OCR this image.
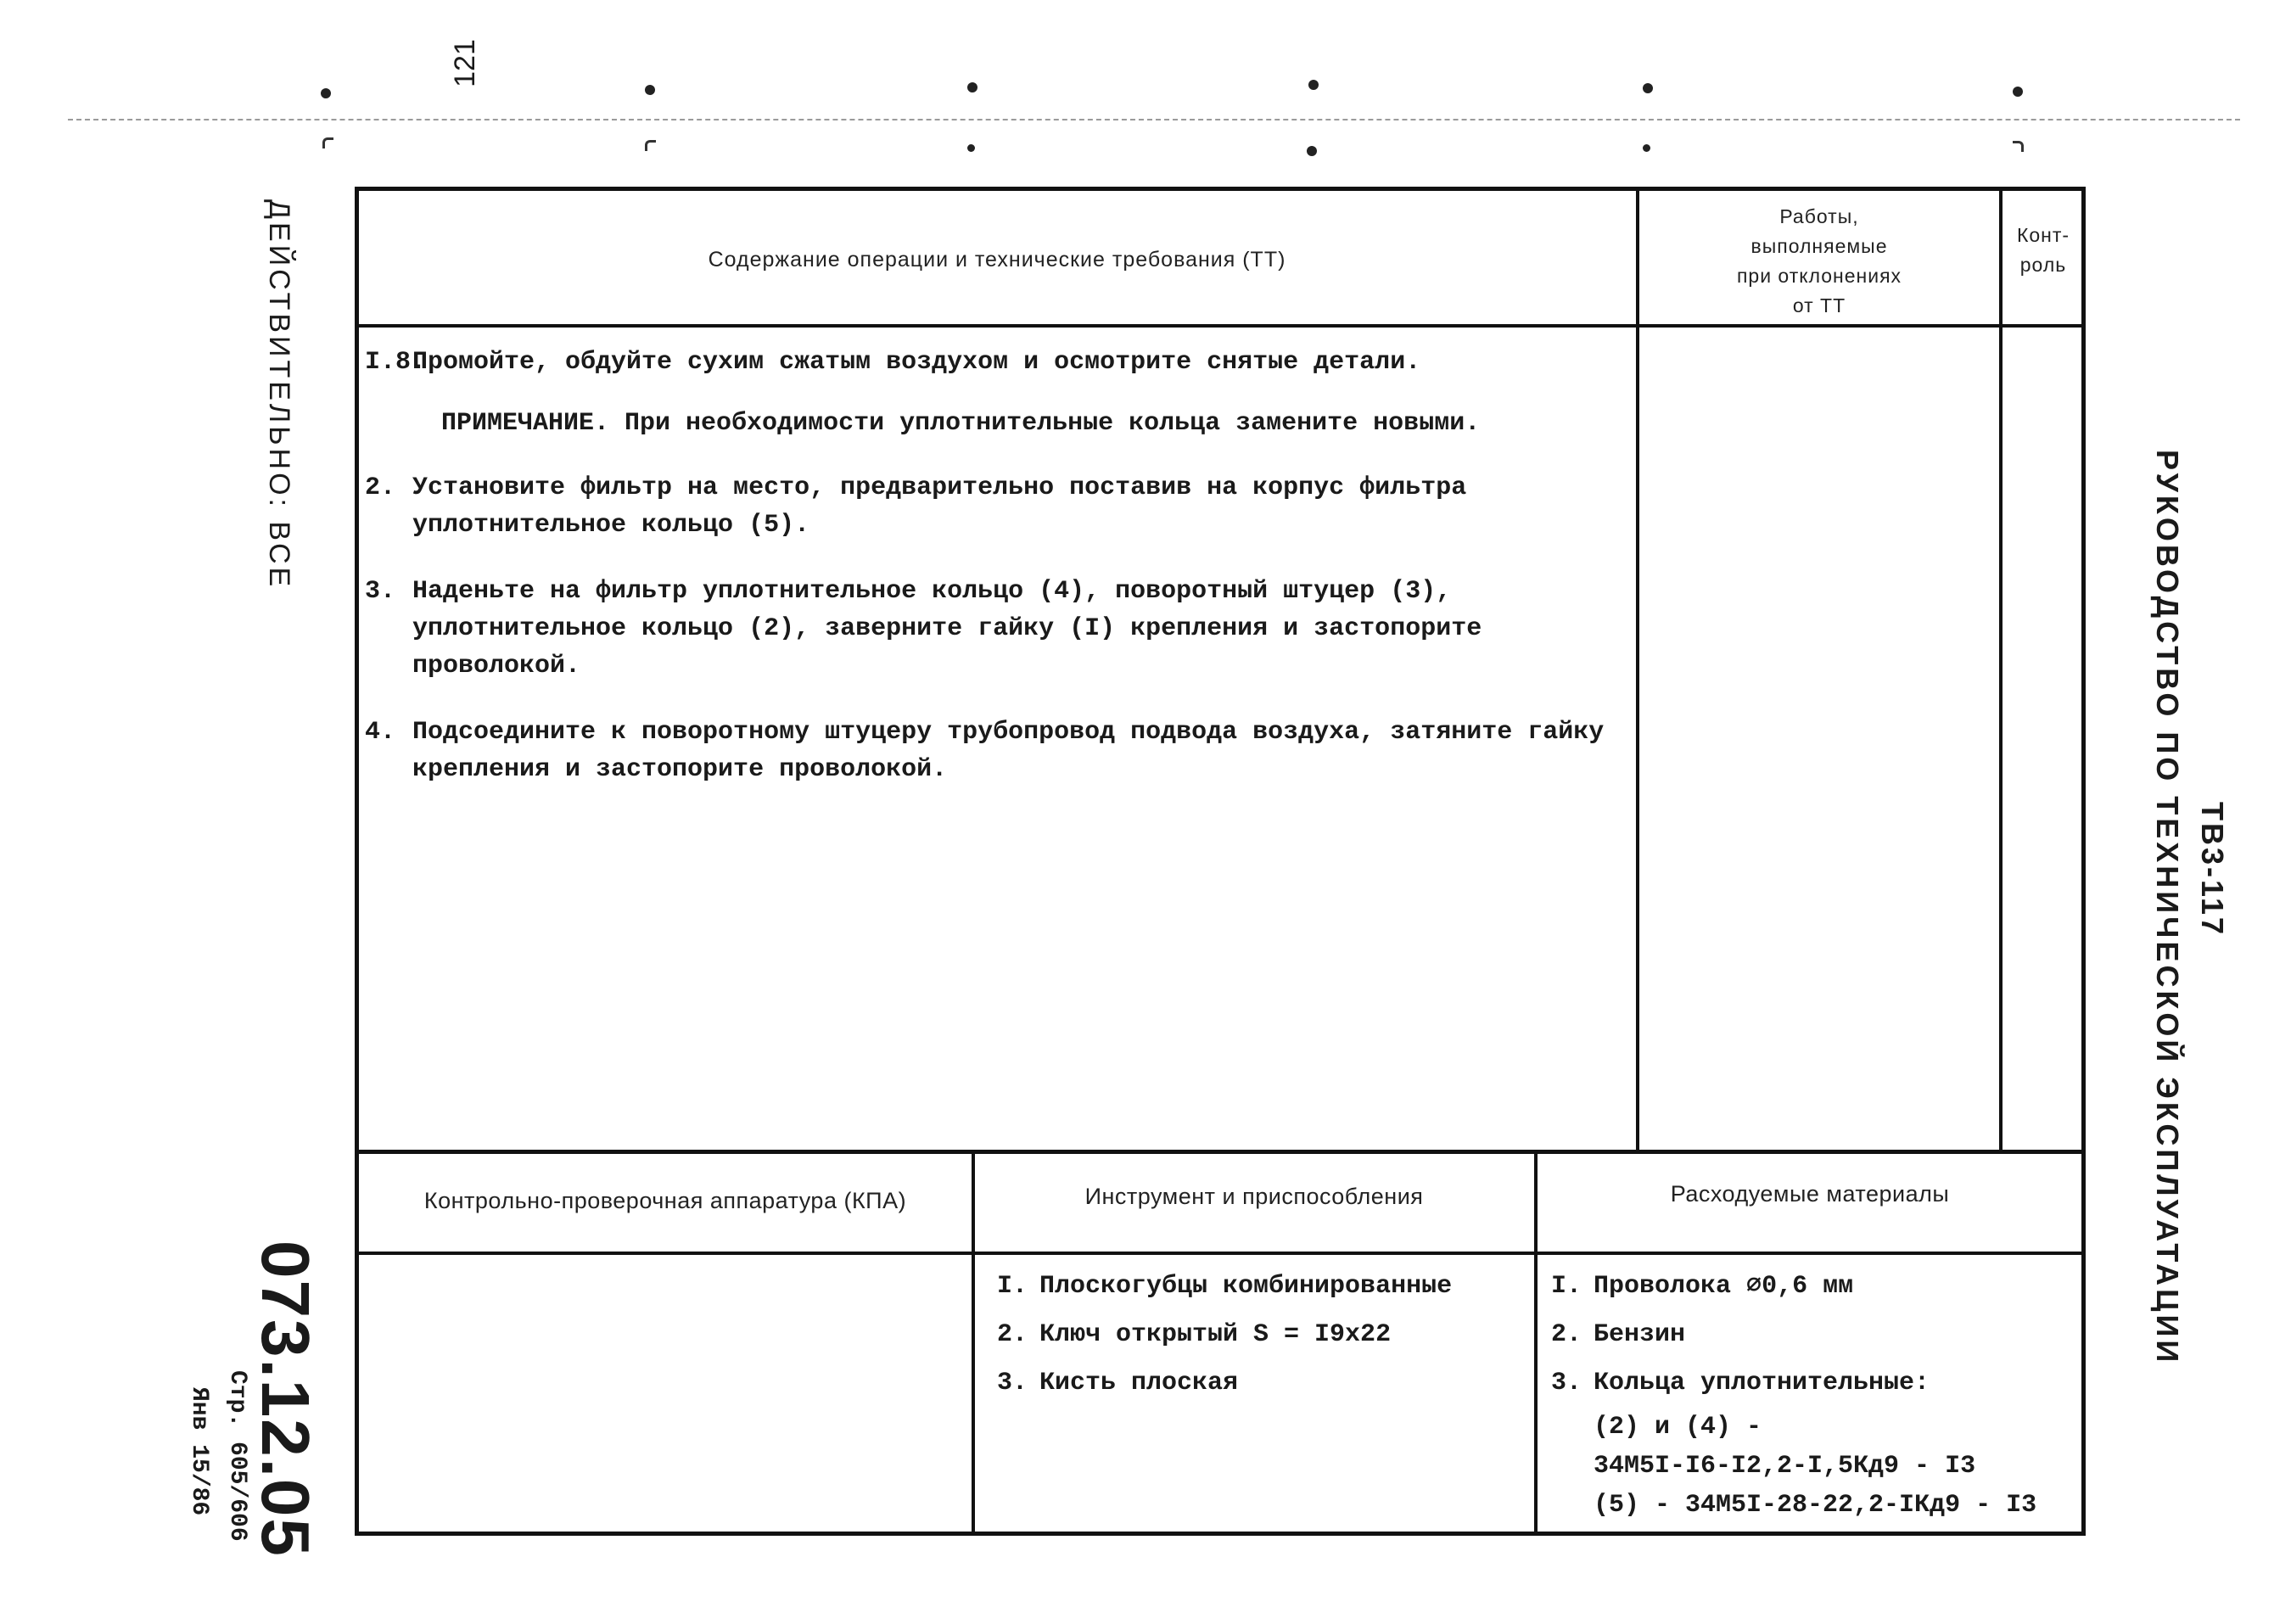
121
Содержание операции и технические требования (ТТ)
Работы,
выполняемые
при отклонениях
от ТТ
Конт-
роль
I.8.
Промойте, обдуйте сухим сжатым воздухом и осмотрите снятые детали.
ПРИМЕЧАНИЕ. При необходимости уплотнительные кольца замените новыми.
2. Установите фильтр на место, предварительно поставив на корпус фильтра уплотнительное кольцо (5).
3. Наденьте на фильтр уплотнительное кольцо (4), поворотный штуцер (3), уплотнительное кольцо (2), заверните гайку (I) крепления и застопорите проволокой.
4. Подсоедините к поворотному штуцеру трубопровод подвода воздуха, затяните гайку крепления и застопорите проволокой.
Контрольно-проверочная аппаратура (КПА)	Инструмент и приспособления	Расходуемые материалы
I. Плоскогубцы комбинированные
2. Ключ открытый S = I9x22
3. Кисть плоская
I. Проволока ∅0,6 мм
2. Бензин
3. Кольца уплотнительные:
(2) и (4) -
34М5I-I6-I2,2-I,5Кд9 - I3
(5) - 34М5I-28-22,2-IКд9 - I3
ДЕЙСТВИТЕЛЬНО: ВСЕ
РУКОВОДСТВО ПО ТЕХНИЧЕСКОЙ ЭКСПЛУАТАЦИИ ТВ3-117
073.12.05
Стр. 605/606
Янв 15/86
